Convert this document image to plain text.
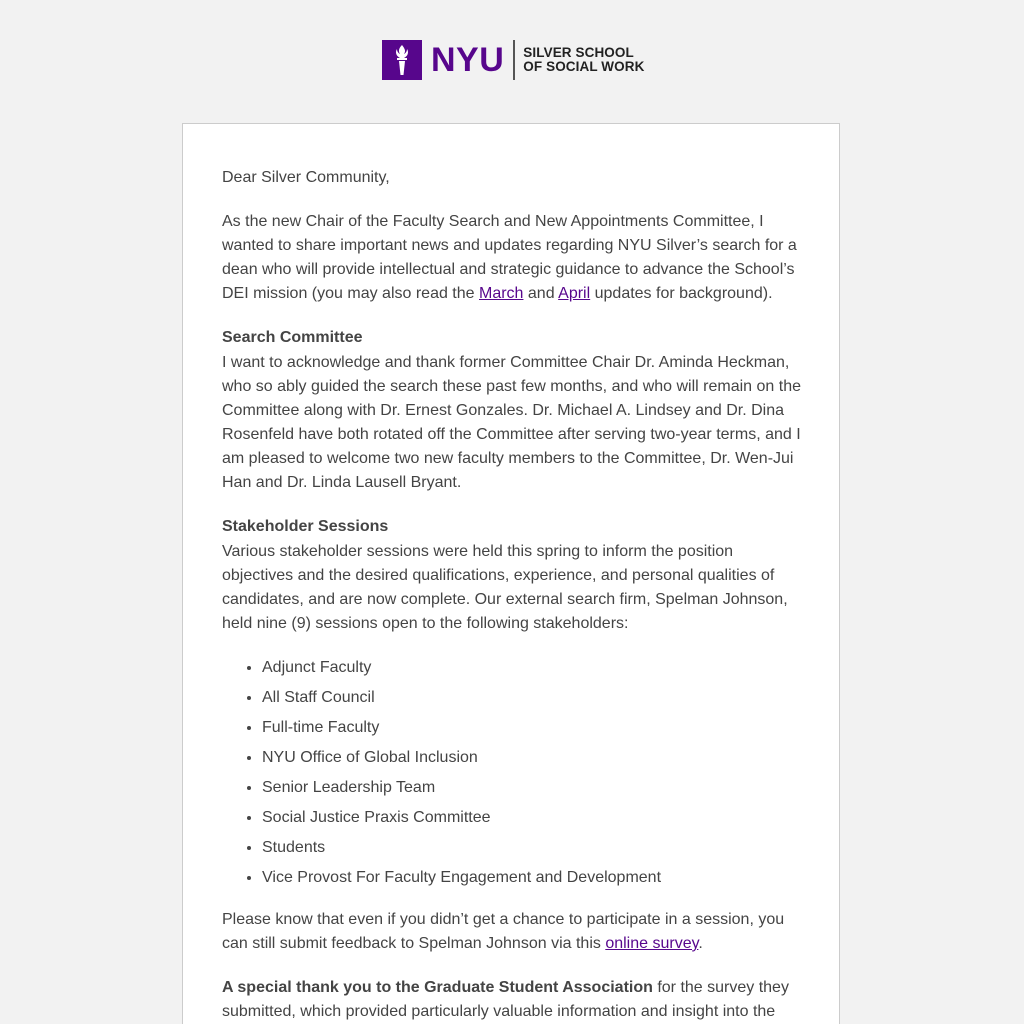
NYU SILVER SCHOOL
OF SOCIAL WORK

Dear Silver Community,

As the new Chair of the Faculty Search and New Appointments Committee, I wanted to share important news and updates regarding NYU Silver’s search for a dean who will provide intellectual and strategic guidance to advance the School’s DEI mission (you may also read the March and April updates for background).

Search Committee
I want to acknowledge and thank former Committee Chair Dr. Aminda Heckman, who so ably guided the search these past few months, and who will remain on the Committee along with Dr. Ernest Gonzales. Dr. Michael A. Lindsey and Dr. Dina Rosenfeld have both rotated off the Committee after serving two-year terms, and I am pleased to welcome two new faculty members to the Committee, Dr. Wen-Jui Han and Dr. Linda Lausell Bryant.

Stakeholder Sessions
Various stakeholder sessions were held this spring to inform the position objectives and the desired qualifications, experience, and personal qualities of candidates, and are now complete. Our external search firm, Spelman Johnson, held nine (9) sessions open to the following stakeholders:

• Adjunct Faculty
• All Staff Council
• Full-time Faculty
• NYU Office of Global Inclusion
• Senior Leadership Team
• Social Justice Praxis Committee
• Students
• Vice Provost For Faculty Engagement and Development

Please know that even if you didn’t get a chance to participate in a session, you can still submit feedback to Spelman Johnson via this online survey.

A special thank you to the Graduate Student Association for the survey they submitted, which provided particularly valuable information and insight into the
